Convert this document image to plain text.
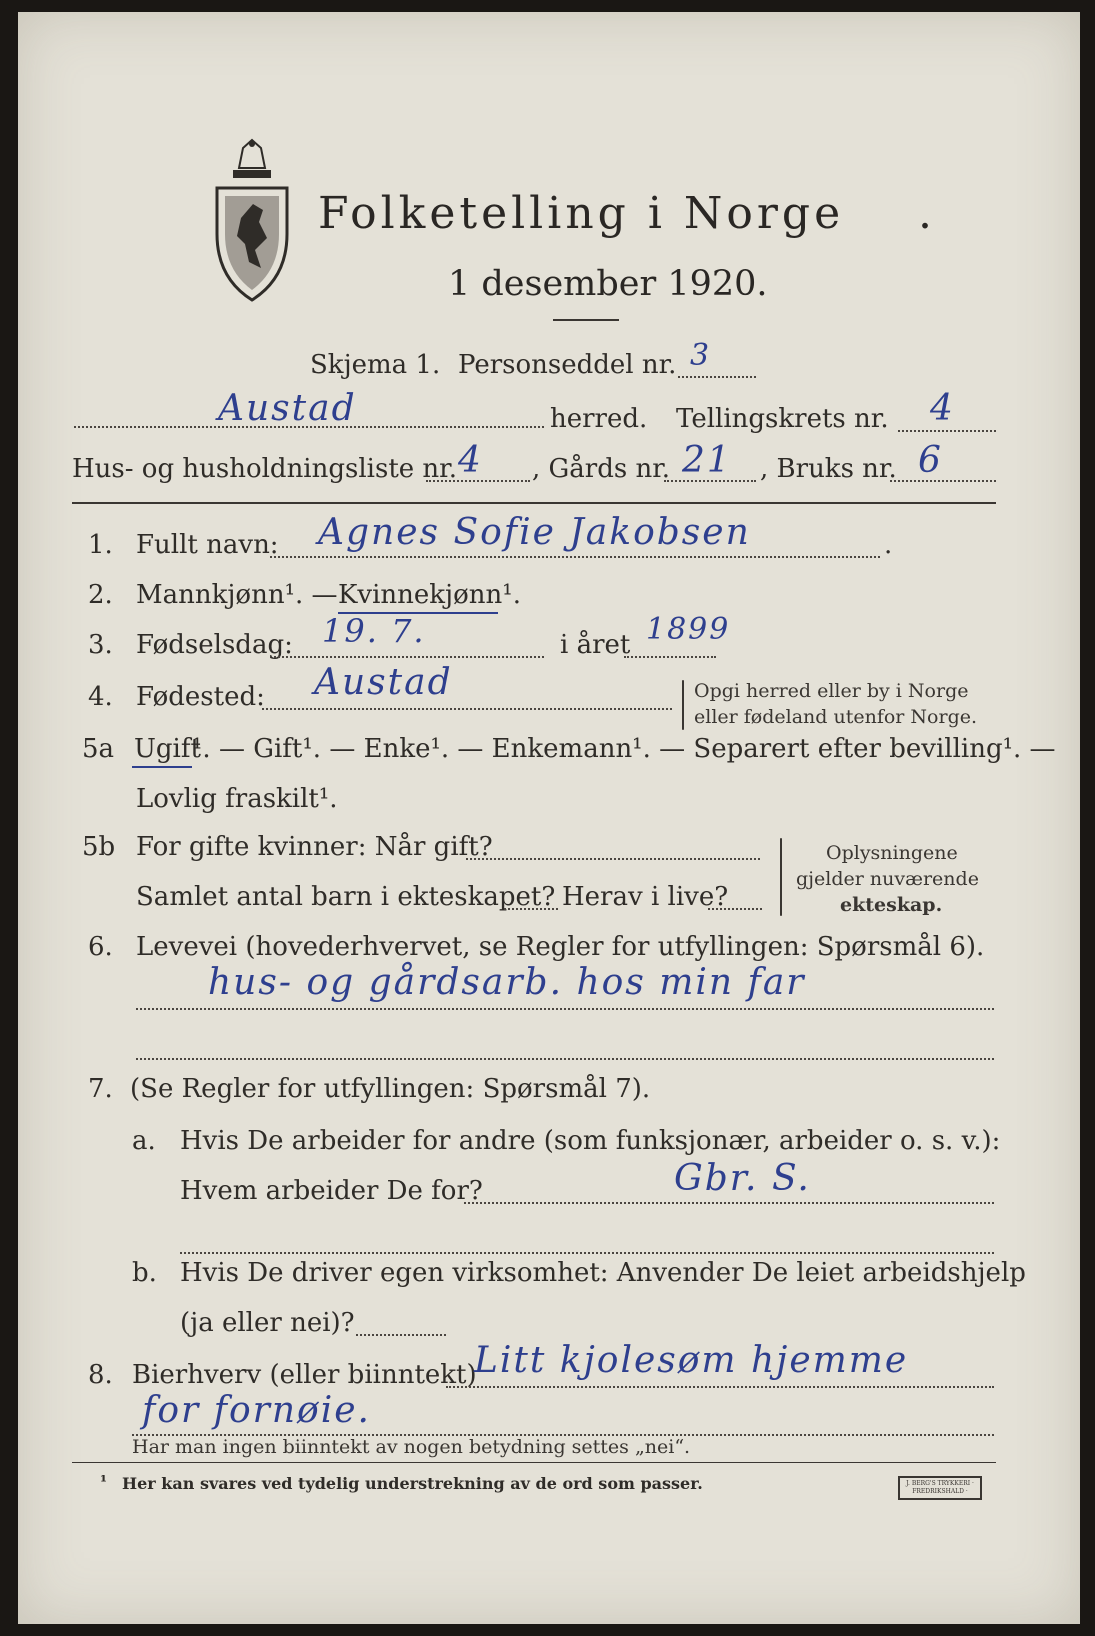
Folketelling i Norge .
1 desember 1920.
Skjema 1. Personseddel nr. 3
Austad	herred. Tellingskrets nr. 4
Hus- og husholdningsliste nr. 4 , Gårds nr. 21 , Bruks nr. 6
1. Fullt navn: Agnes Sofie Jakobsen	.
2. Mannkjønn¹. — Kvinnekjønn¹.
3. Fødselsdag: 19. 7.	i året 1899
4. Fødested: Austad	Opgi herred eller by i Norge
eller fødeland utenfor Norge.
5a Ugift
¹. — Gift¹. — Enke¹. — Enkemann¹. — Separert efter bevilling¹. —
Lovlig fraskilt¹.
5b For gifte kvinner: Når gift?
Samlet antal barn i ekteskapet? Herav i live?
Oplysningene
gjelder nuværende
ekteskap.
6. Levevei (hovederhvervet, se Regler for utfyllingen: Spørsmål 6).
hus- og gårdsarb. hos min far
7. (Se Regler for utfyllingen: Spørsmål 7).
a. Hvis De arbeider for andre (som funksjonær, arbeider o. s. v.):
Hvem arbeider De for?	Gbr. S.
b. Hvis De driver egen virksomhet: Anvender De leiet arbeidshjelp
(ja eller nei)?
8. Bierhverv (eller biinntekt)
Litt kjolesøm hjemme
for fornøie.
Har man ingen biinntekt av nogen betydning settes „nei“.
¹ Her kan svares ved tydelig understrekning av de ord som passer.	J. BERG'S TRYKKERI · FREDRIKSHALD ·
